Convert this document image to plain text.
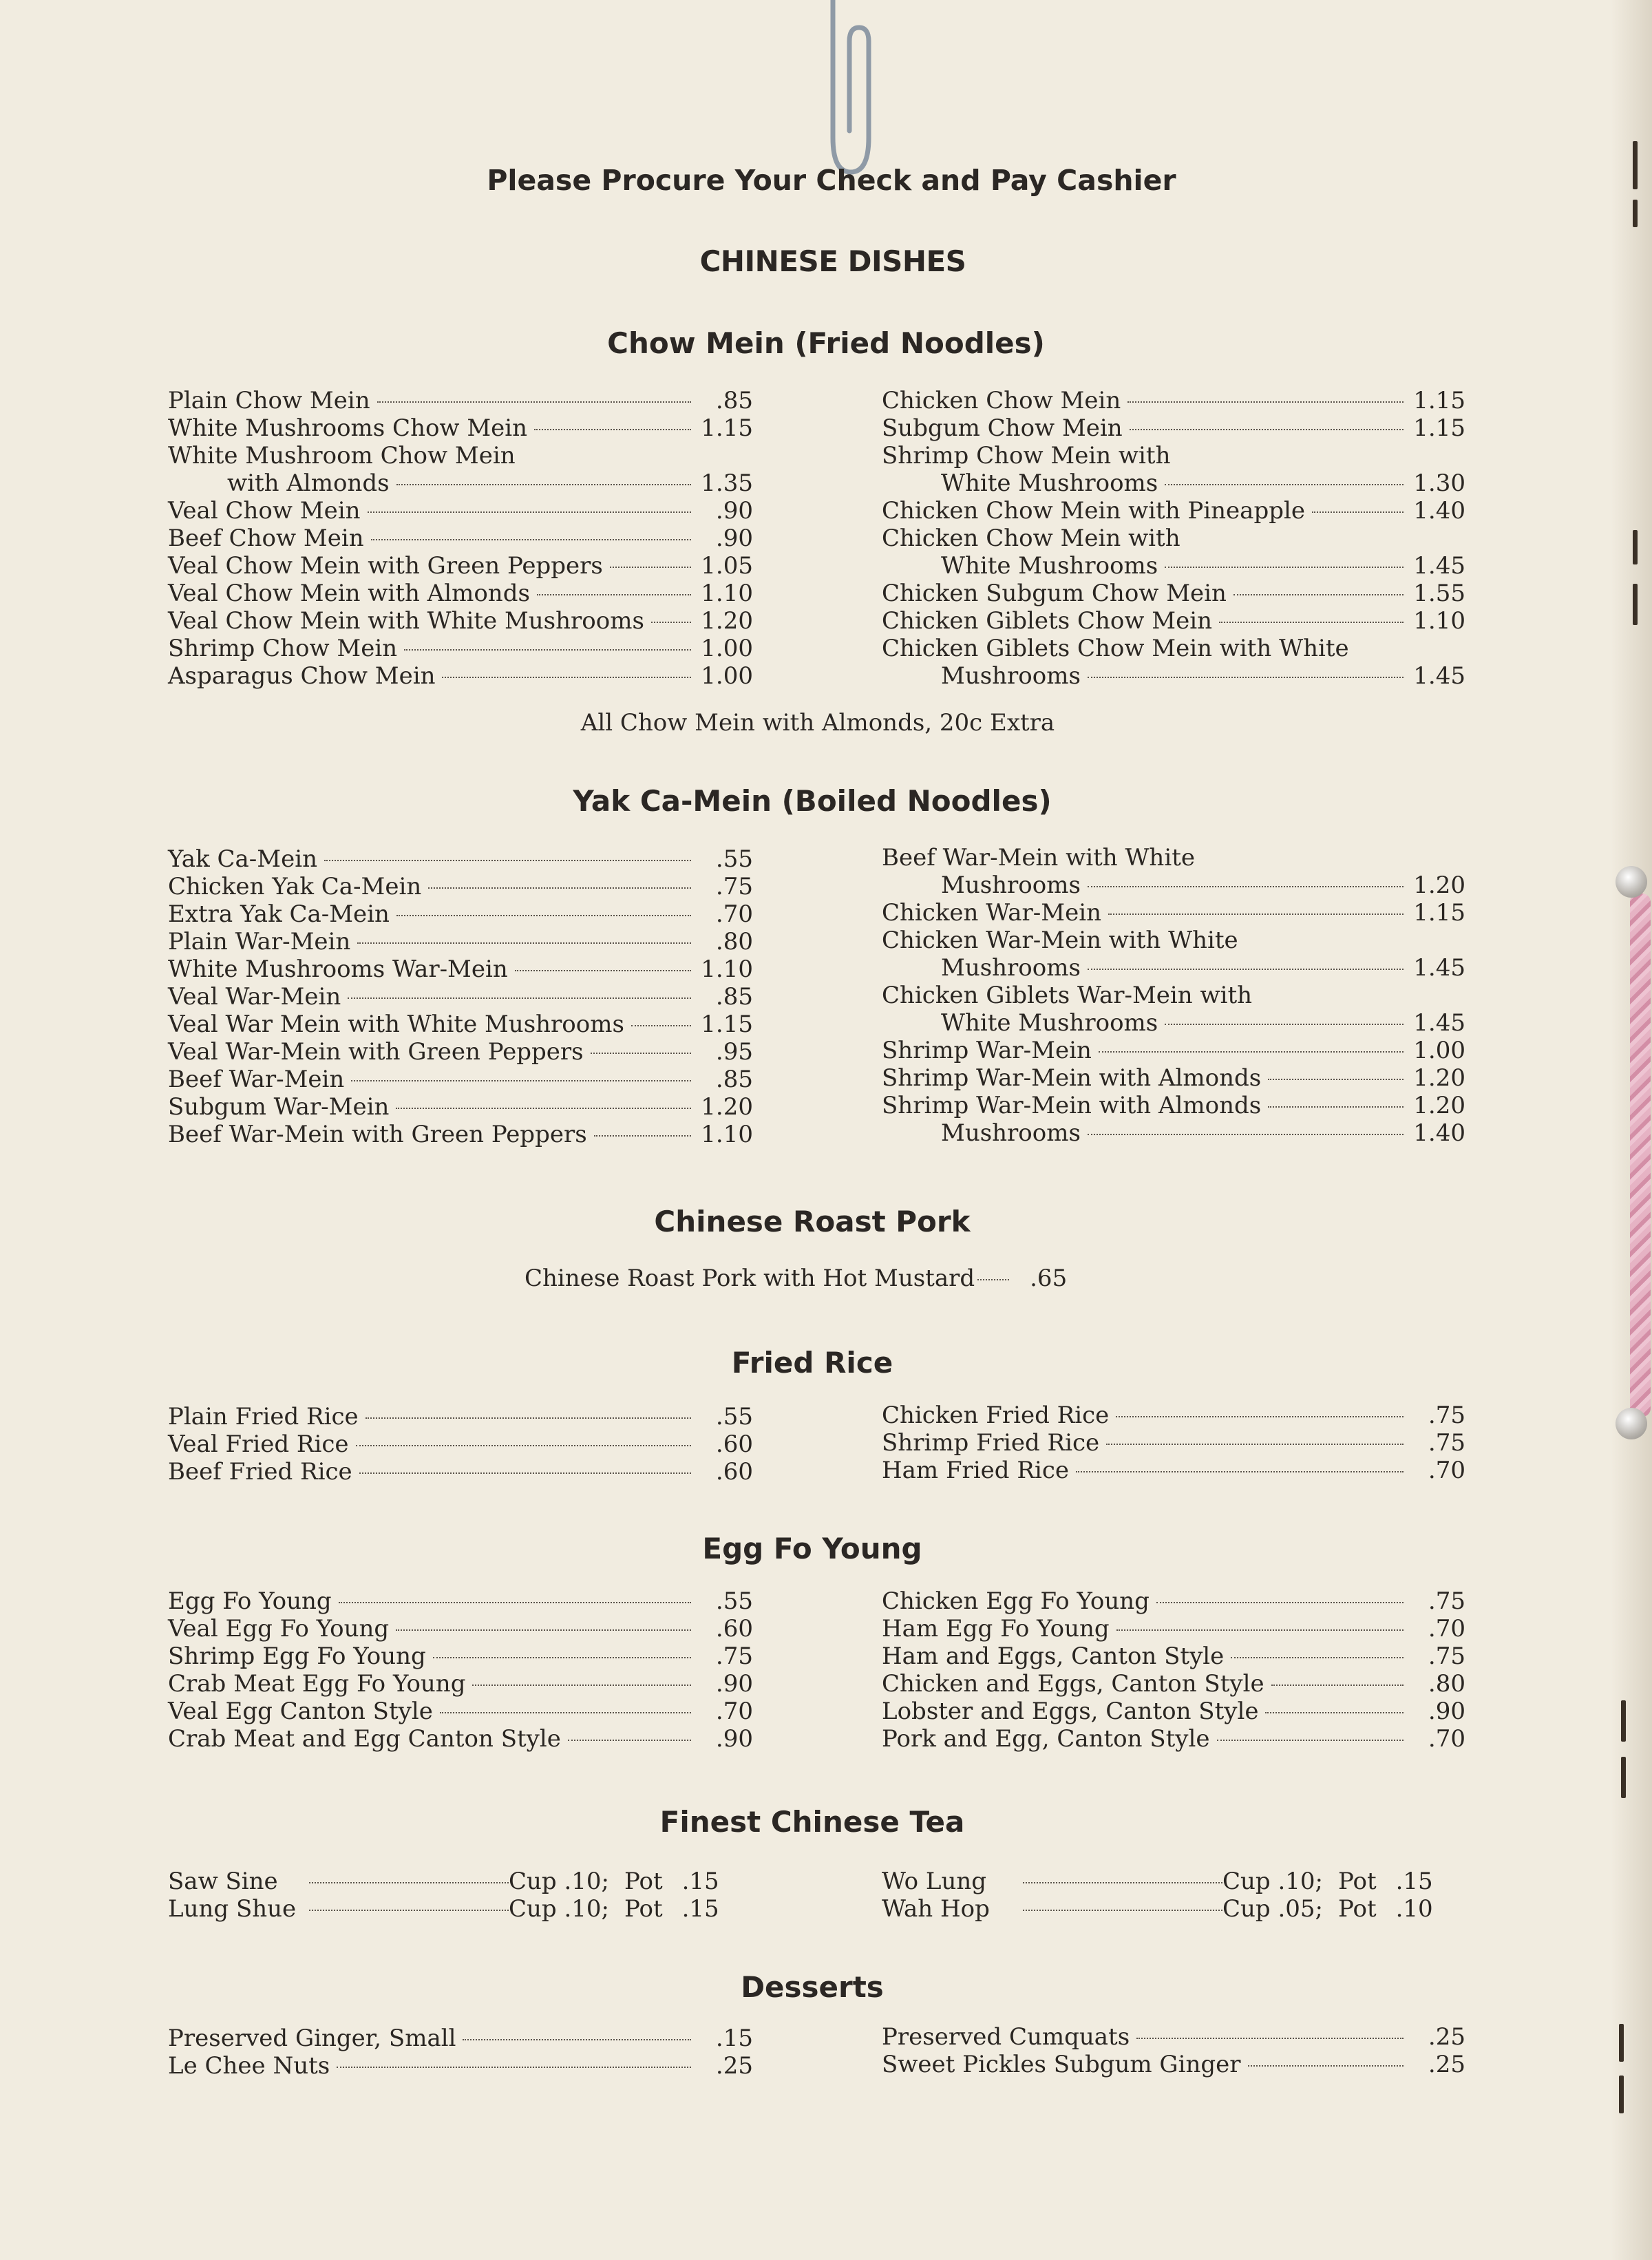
Please Procure Your Check and Pay Cashier
CHINESE DISHES
Chow Mein (Fried Noodles)
Plain Chow Mein	.85
White Mushrooms Chow Mein	1.15
White Mushroom Chow Mein
with Almonds	1.35
Veal Chow Mein	.90
Beef Chow Mein	.90
Veal Chow Mein with Green Peppers	1.05
Veal Chow Mein with Almonds	1.10
Veal Chow Mein with White Mushrooms 1.20
Shrimp Chow Mein	1.00
Asparagus Chow Mein	1.00
Chicken Chow Mein	1.15
Subgum Chow Mein	1.15
Shrimp Chow Mein with
White Mushrooms	1.30
Chicken Chow Mein with Pineapple	1.40
Chicken Chow Mein with
White Mushrooms	1.45
Chicken Subgum Chow Mein	1.55
Chicken Giblets Chow Mein	1.10
Chicken Giblets Chow Mein with White
Mushrooms	1.45
All Chow Mein with Almonds, 20c Extra
Yak Ca-Mein (Boiled Noodles)
Yak Ca-Mein	.55
Chicken Yak Ca-Mein	.75
Extra Yak Ca-Mein	.70
Plain War-Mein	.80
White Mushrooms War-Mein	1.10
Veal War-Mein	.85
Veal War Mein with White Mushrooms	1.15
Veal War-Mein with Green Peppers	.95
Beef War-Mein	.85
Subgum War-Mein	1.20
Beef War-Mein with Green Peppers	1.10
Beef War-Mein with White
Mushrooms	1.20
Chicken War-Mein	1.15
Chicken War-Mein with White
Mushrooms	1.45
Chicken Giblets War-Mein with
White Mushrooms	1.45
Shrimp War-Mein	1.00
Shrimp War-Mein with Almonds	1.20
Shrimp War-Mein with Almonds	1.20
Mushrooms	1.40
Chinese Roast Pork
Chinese Roast Pork with Hot Mustard .65
Fried Rice
Plain Fried Rice	.55
Veal Fried Rice	.60
Beef Fried Rice	.60
Chicken Fried Rice	.75
Shrimp Fried Rice	.75
Ham Fried Rice	.70
Egg Fo Young
Egg Fo Young	.55
Veal Egg Fo Young	.60
Shrimp Egg Fo Young	.75
Crab Meat Egg Fo Young	.90
Veal Egg Canton Style	.70
Crab Meat and Egg Canton Style	.90
Chicken Egg Fo Young	.75
Ham Egg Fo Young	.70
Ham and Eggs, Canton Style	.75
Chicken and Eggs, Canton Style	.80
Lobster and Eggs, Canton Style	.90
Pork and Egg, Canton Style	.70
Finest Chinese Tea
Saw Sine	Cup .10; Pot .15
Lung Shue	Cup .10; Pot .15
Wo Lung	Cup .10; Pot .15
Wah Hop	Cup .05; Pot .10
Desserts
Preserved Ginger, Small	.15
Le Chee Nuts	.25
Preserved Cumquats	.25
Sweet Pickles Subgum Ginger	.25
